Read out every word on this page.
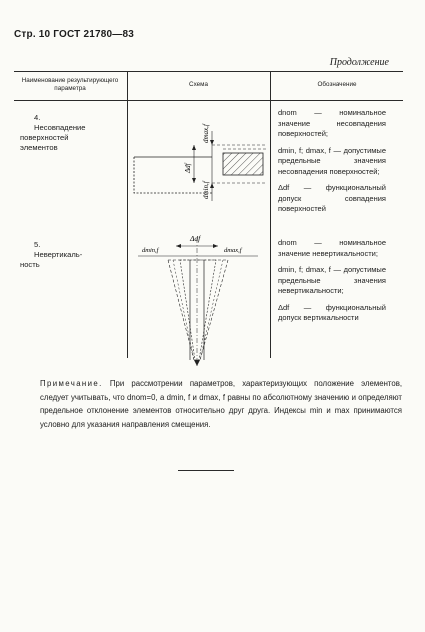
Стр. 10 ГОСТ 21780—83
Продолжение
Наименование результирующего параметра
Схема	Обозначение
4. Несовпадение
поверхностей элементов
dmax,f
Δdf
dmin,f

dnom — номинальное значение несовпадения поверхностей;

dmin, f; dmax, f — допустимые предельные значения несовпадения поверхностей;

Δdf — функциональный допуск совпадения поверхностей

5. Невертикаль-
ность
Δdf
dmin,f	dmax,f

dnom — номинальное значение невертикальности;

dmin, f; dmax, f — допустимые предельные значения невертикальности;

Δdf — функциональный допуск вертикальности

Примечание. При рассмотрении параметров, характеризующих положение элементов, следует учитывать, что dnom=0, а dmin, f и dmax, f равны по абсолютному значению и определяют предельное отклонение элементов относительно друг друга. Индексы min и max принимаются условно для указания направления смещения.
